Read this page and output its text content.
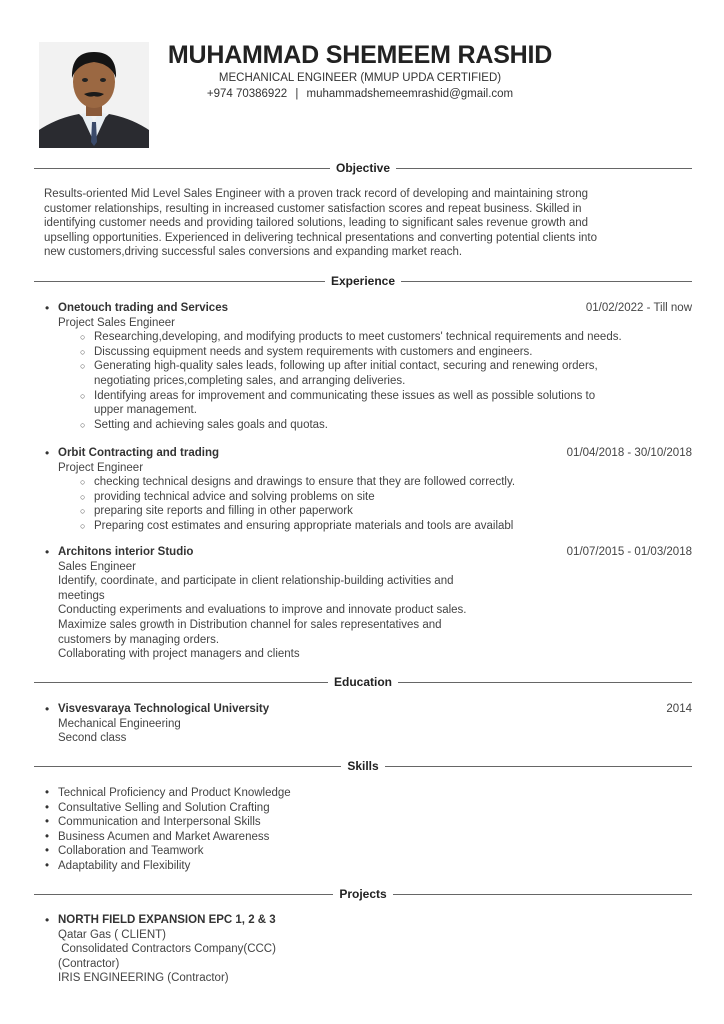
MUHAMMAD SHEMEEM RASHID
MECHANICAL ENGINEER (MMUP UPDA CERTIFIED)
+974 70386922 | muhammadshemeemrashid@gmail.com
Objective
Results-oriented Mid Level Sales Engineer with a proven track record of developing and maintaining strong
customer relationships, resulting in increased customer satisfaction scores and repeat business. Skilled in
identifying customer needs and providing tailored solutions, leading to significant sales revenue growth and
upselling opportunities. Experienced in delivering technical presentations and converting potential clients into
new customers,driving successful sales conversions and expanding market reach.
Experience
• Onetouch trading and Services	01/02/2022 - Till now
Project Sales Engineer
○ Researching,developing, and modifying products to meet customers' technical requirements and needs.
○ Discussing equipment needs and system requirements with customers and engineers.
○ Generating high-quality sales leads, following up after initial contact, securing and renewing orders,
negotiating prices,completing sales, and arranging deliveries.
○ Identifying areas for improvement and communicating these issues as well as possible solutions to
upper management.
○ Setting and achieving sales goals and quotas.
• Orbit Contracting and trading	01/04/2018 - 30/10/2018
Project Engineer
○ checking technical designs and drawings to ensure that they are followed correctly.
○ providing technical advice and solving problems on site
○ preparing site reports and filling in other paperwork
○ Preparing cost estimates and ensuring appropriate materials and tools are availabl
• Architons interior Studio	01/07/2015 - 01/03/2018
Sales Engineer
Identify, coordinate, and participate in client relationship-building activities and
meetings
Conducting experiments and evaluations to improve and innovate product sales.
Maximize sales growth in Distribution channel for sales representatives and
customers by managing orders.
Collaborating with project managers and clients
Education
• Visvesvaraya Technological University	2014
Mechanical Engineering
Second class
Skills
• Technical Proficiency and Product Knowledge
• Consultative Selling and Solution Crafting
• Communication and Interpersonal Skills
• Business Acumen and Market Awareness
• Collaboration and Teamwork
• Adaptability and Flexibility
Projects
• NORTH FIELD EXPANSION EPC 1, 2 & 3
Qatar Gas ( CLIENT)
Consolidated Contractors Company(CCC)
(Contractor)
IRIS ENGINEERING (Contractor)
